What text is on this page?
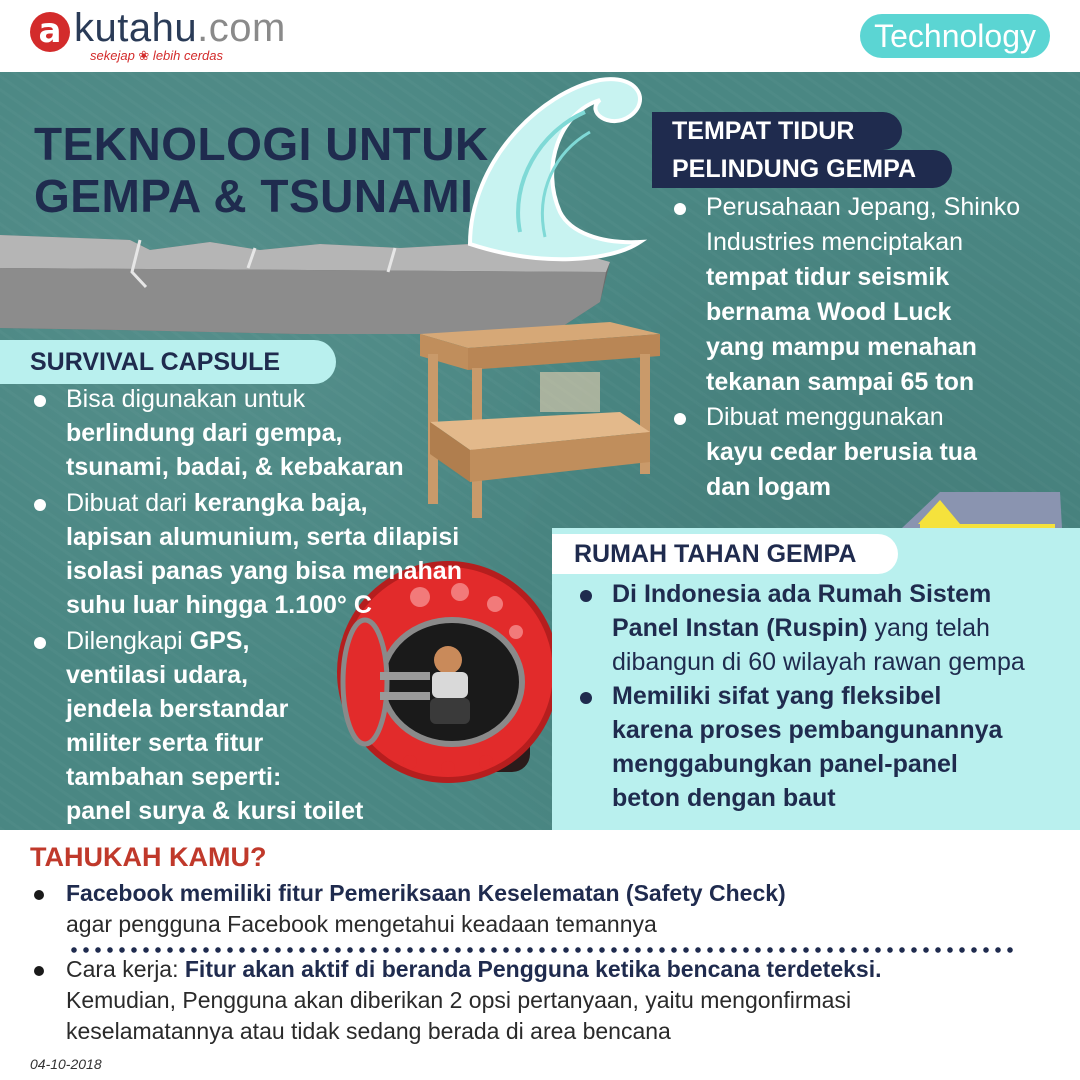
a kutahu.com
sekejap ❀ lebih cerdas
Technology
TEKNOLOGI UNTUK
GEMPA & TSUNAMI
SURVIVAL CAPSULE
Bisa digunakan untuk
berlindung dari gempa,
tsunami, badai, & kebakaran
Dibuat dari kerangka baja,
lapisan alumunium, serta dilapisi
isolasi panas yang bisa menahan
suhu luar hingga 1.100° C
Dilengkapi GPS,
ventilasi udara,
jendela berstandar
militer serta fitur
tambahan seperti:
panel surya & kursi toilet
TEMPAT TIDUR
PELINDUNG GEMPA
Perusahaan Jepang, Shinko
Industries menciptakan
tempat tidur seismik
bernama Wood Luck
yang mampu menahan
tekanan sampai 65 ton
Dibuat menggunakan
kayu cedar berusia tua
dan logam
RUMAH TAHAN GEMPA
Di Indonesia ada Rumah Sistem
Panel Instan (Ruspin) yang telah
dibangun di 60 wilayah rawan gempa
Memiliki sifat yang fleksibel
karena proses pembangunannya
menggabungkan panel-panel
beton dengan baut
TAHUKAH KAMU?
Facebook memiliki fitur Pemeriksaan Keselematan (Safety Check)
agar pengguna Facebook mengetahui keadaan temannya
Cara kerja: Fitur akan aktif di beranda Pengguna ketika bencana terdeteksi.
Kemudian, Pengguna akan diberikan 2 opsi pertanyaan, yaitu mengonfirmasi
keselamatannya atau tidak sedang berada di area bencana
04-10-2018
